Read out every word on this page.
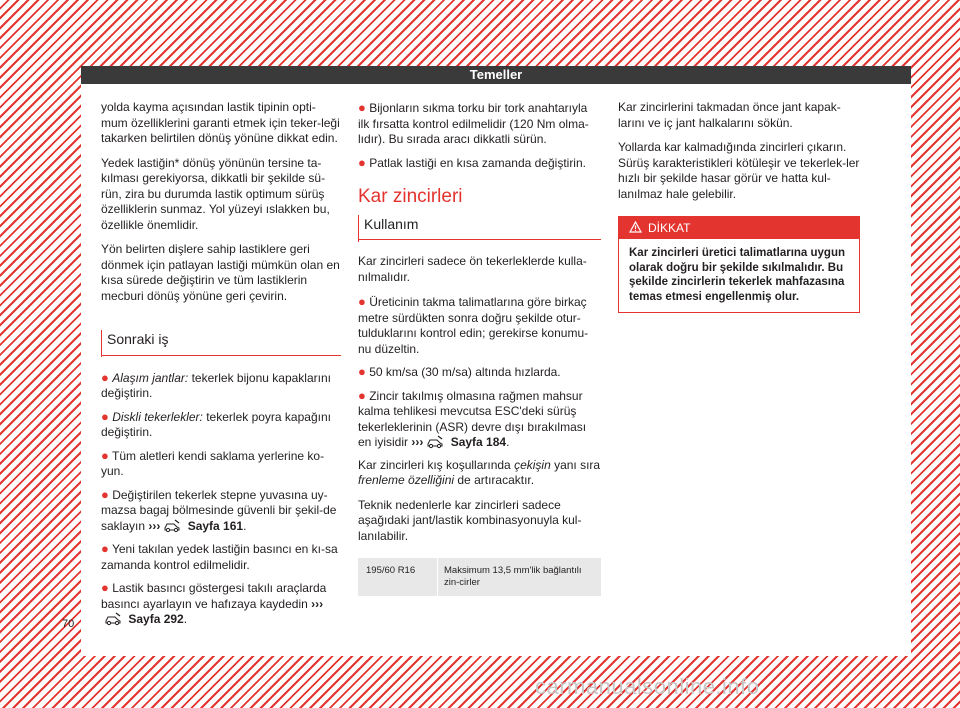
Temeller

yolda kayma açısından lastik tipinin opti-mum özelliklerini garanti etmek için teker-leği takarken belirtilen dönüş yönüne dikkat edin.

Yedek lastiğin* dönüş yönünün tersine ta-kılması gerekiyorsa, dikkatli bir şekilde sü-rün, zira bu durumda lastik optimum sürüş özelliklerin sunmaz. Yol yüzeyi ıslakken bu, özellikle önemlidir.

Yön belirten dişlere sahip lastiklere geri dönmek için patlayan lastiği mümkün olan en kısa sürede değiştirin ve tüm lastiklerin mecburi dönüş yönüne geri çevirin.

Sonraki iş

● Alaşım jantlar: tekerlek bijonu kapaklarını değiştirin.

● Diskli tekerlekler: tekerlek poyra kapağını değiştirin.

● Tüm aletleri kendi saklama yerlerine ko-yun.

● Değiştirilen tekerlek stepne yuvasına uy-mazsa bagaj bölmesinde güvenli bir şekil-de saklayın ››› Sayfa 161.

● Yeni takılan yedek lastiğin basıncı en kı-sa zamanda kontrol edilmelidir.

● Lastik basıncı göstergesi takılı araçlarda basıncı ayarlayın ve hafızaya kaydedin ››› Sayfa 292.

● Bijonların sıkma torku bir tork anahtarıyla ilk fırsatta kontrol edilmelidir (120 Nm olma-lıdır). Bu sırada aracı dikkatli sürün.

● Patlak lastiği en kısa zamanda değiştirin.

Kar zincirleri
Kullanım

Kar zincirleri sadece ön tekerleklerde kulla-nılmalıdır.

● Üreticinin takma talimatlarına göre birkaç metre sürdükten sonra doğru şekilde otur-tulduklarını kontrol edin; gerekirse konumu-nu düzeltin.

● 50 km/sa (30 m/sa) altında hızlarda.

● Zincir takılmış olmasına rağmen mahsur kalma tehlikesi mevcutsa ESC'deki sürüş tekerleklerinin (ASR) devre dışı bırakılması en iyisidir ››› Sayfa 184.

Kar zincirleri kış koşullarında çekişin yanı sıra frenleme özelliğini de artıracaktır.

Teknik nedenlerle kar zincirleri sadece aşağıdaki jant/lastik kombinasyonuyla kul-lanılabilir.

195/60 R16	Maksimum 13,5 mm'lik bağlantılı zin-cirler

Kar zincirlerini takmadan önce jant kapak-larını ve iç jant halkalarını sökün.

Yollarda kar kalmadığında zincirleri çıkarın. Sürüş karakteristikleri kötüleşir ve tekerlek-ler hızlı bir şekilde hasar görür ve hatta kul-lanılmaz hale gelebilir.

DİKKAT
Kar zincirleri üretici talimatlarına uygun olarak doğru bir şekilde sıkılmalıdır. Bu şekilde zincirlerin tekerlek mahfazasına temas etmesi engellenmiş olur.
70
carmanualsonline.info
